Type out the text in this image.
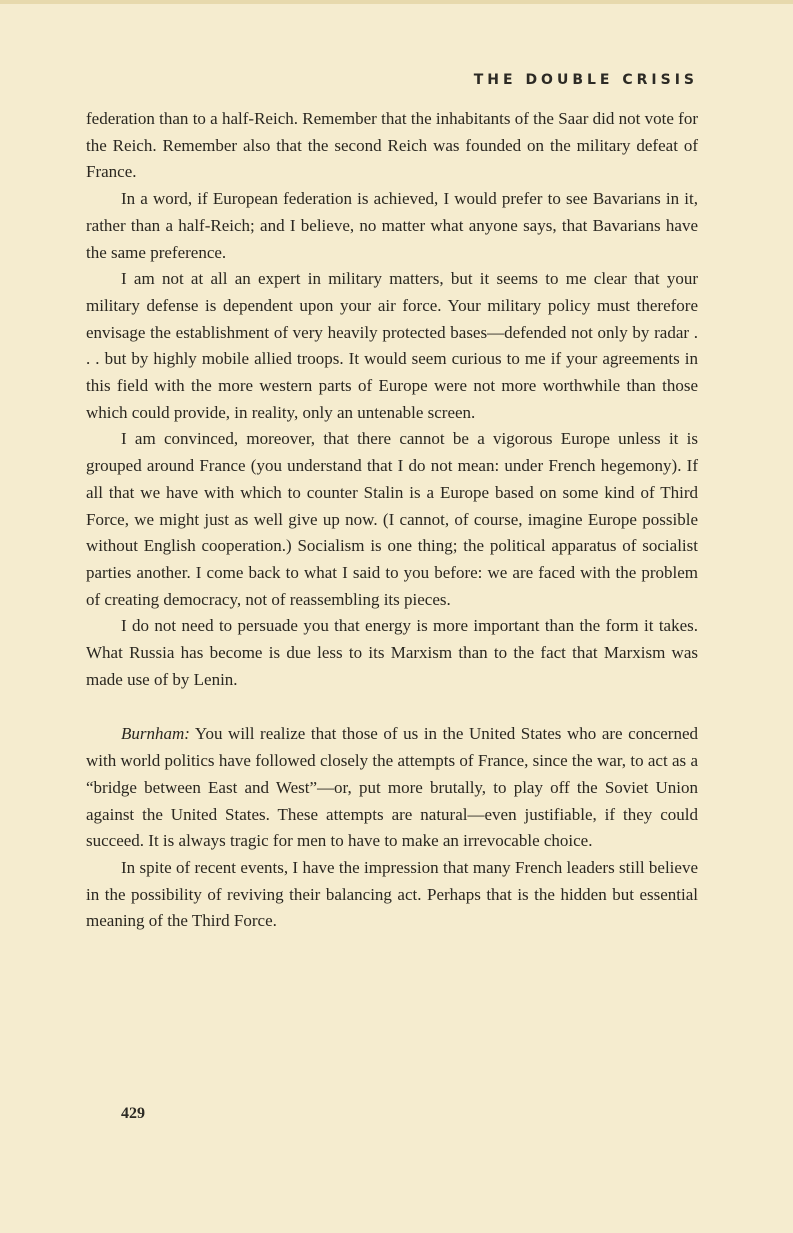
THE DOUBLE CRISIS

federation than to a half-Reich. Remember that the inhabitants of the Saar did not vote for the Reich. Remember also that the second Reich was founded on the military defeat of France.

In a word, if European federation is achieved, I would prefer to see Bavarians in it, rather than a half-Reich; and I believe, no matter what anyone says, that Bavarians have the same preference.

I am not at all an expert in military matters, but it seems to me clear that your military defense is dependent upon your air force. Your military policy must therefore envisage the establishment of very heavily protected bases—defended not only by radar . . . but by highly mobile allied troops. It would seem curious to me if your agreements in this field with the more western parts of Europe were not more worthwhile than those which could provide, in reality, only an untenable screen.

I am convinced, moreover, that there cannot be a vigorous Europe unless it is grouped around France (you understand that I do not mean: under French hegemony). If all that we have with which to counter Stalin is a Europe based on some kind of Third Force, we might just as well give up now. (I cannot, of course, imagine Europe possible without English cooperation.) Socialism is one thing; the political apparatus of socialist parties another. I come back to what I said to you before: we are faced with the problem of creating democracy, not of reassembling its pieces.

I do not need to persuade you that energy is more important than the form it takes. What Russia has become is due less to its Marxism than to the fact that Marxism was made use of by Lenin.

Burnham: You will realize that those of us in the United States who are concerned with world politics have followed closely the attempts of France, since the war, to act as a “bridge between East and West”—or, put more brutally, to play off the Soviet Union against the United States. These attempts are natural—even justifiable, if they could succeed. It is always tragic for men to have to make an irrevocable choice.

In spite of recent events, I have the impression that many French leaders still believe in the possibility of reviving their balancing act. Perhaps that is the hidden but essential meaning of the Third Force.

429
